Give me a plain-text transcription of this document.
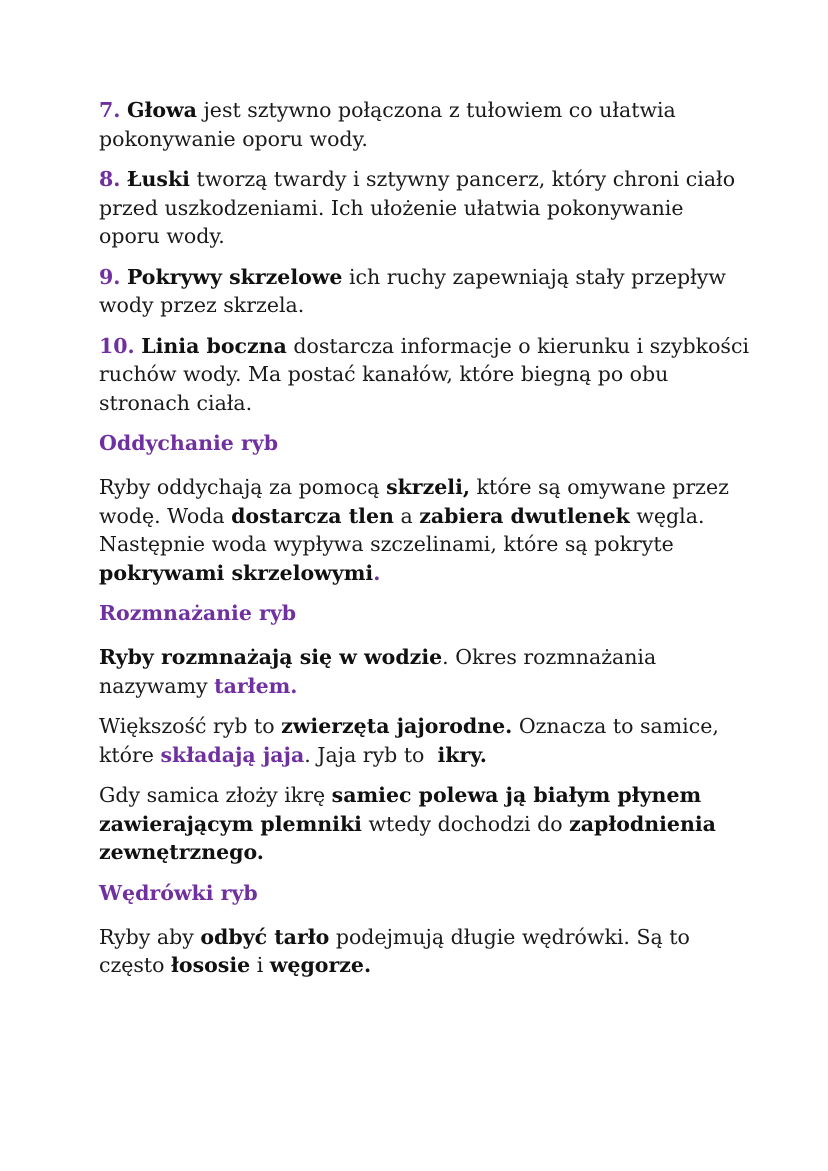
7. Głowa jest sztywno połączona z tułowiem co ułatwia pokonywanie oporu wody.

8. Łuski tworzą twardy i sztywny pancerz, który chroni ciało przed uszkodzeniami. Ich ułożenie ułatwia pokonywanie oporu wody.

9. Pokrywy skrzelowe ich ruchy zapewniają stały przepływ wody przez skrzela.

10. Linia boczna dostarcza informacje o kierunku i szybkości ruchów wody. Ma postać kanałów, które biegną po obu stronach ciała.

Oddychanie ryb

Ryby oddychają za pomocą skrzeli, które są omywane przez wodę. Woda dostarcza tlen a zabiera dwutlenek węgla. Następnie woda wypływa szczelinami, które są pokryte pokrywami skrzelowymi.

Rozmnażanie ryb

Ryby rozmnażają się w wodzie. Okres rozmnażania nazywamy tarłem.

Większość ryb to zwierzęta jajorodne. Oznacza to samice, które składają jaja. Jaja ryb to  ikry.

Gdy samica złoży ikrę samiec polewa ją białym płynem zawierającym plemniki wtedy dochodzi do zapłodnienia zewnętrznego.

Wędrówki ryb

Ryby aby odbyć tarło podejmują długie wędrówki. Są to często łososie i węgorze.
